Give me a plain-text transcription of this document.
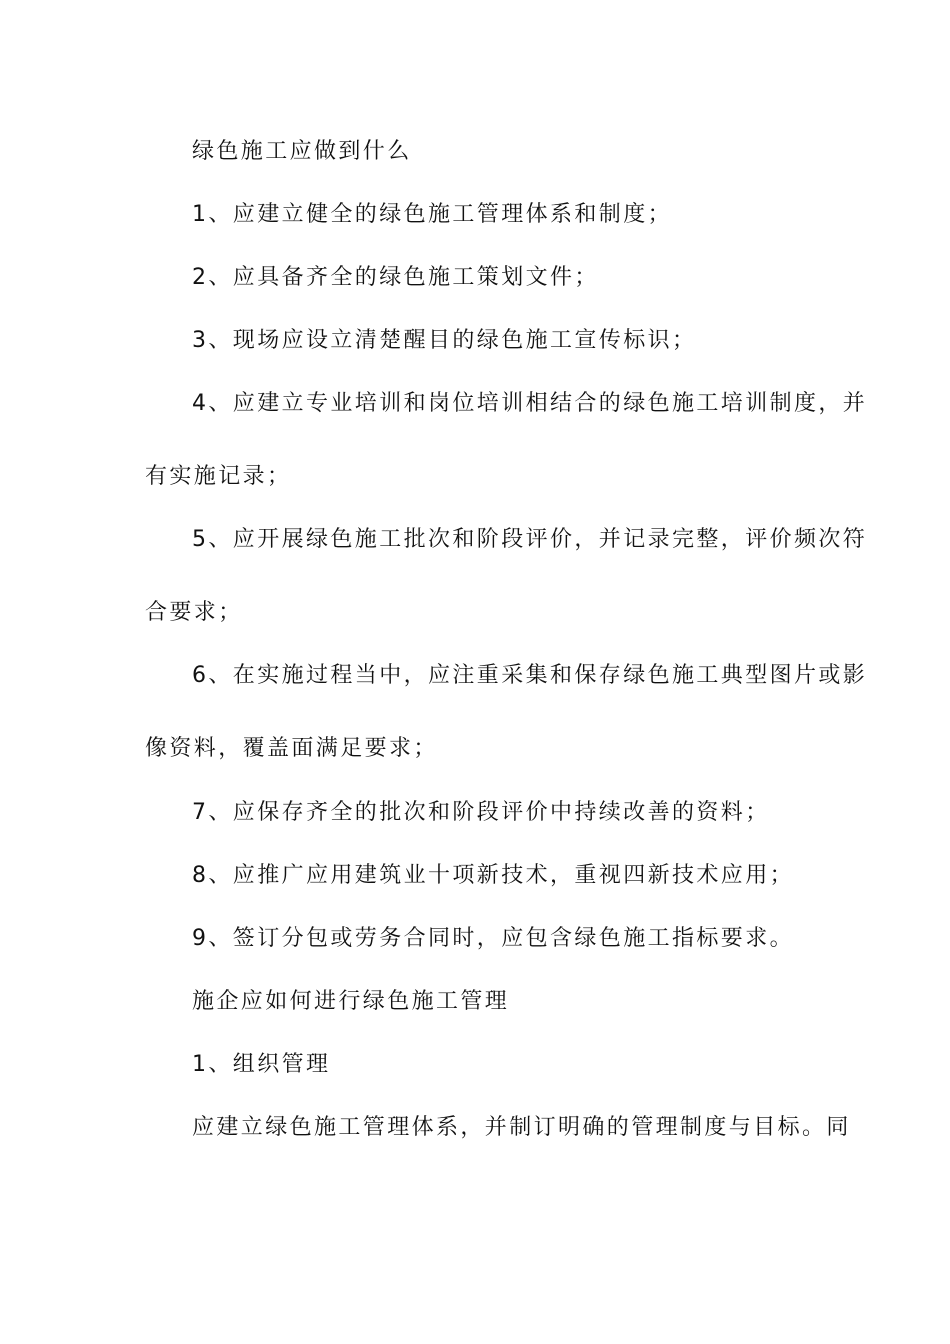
绿色施工应做到什么
1、应建立健全的绿色施工管理体系和制度；
2、应具备齐全的绿色施工策划文件；
3、现场应设立清楚醒目的绿色施工宣传标识；
4、应建立专业培训和岗位培训相结合的绿色施工培训制度，并
有实施记录；
5、应开展绿色施工批次和阶段评价，并记录完整，评价频次符
合要求；
6、在实施过程当中，应注重采集和保存绿色施工典型图片或影
像资料，覆盖面满足要求；
7、应保存齐全的批次和阶段评价中持续改善的资料；
8、应推广应用建筑业十项新技术，重视四新技术应用；
9、签订分包或劳务合同时，应包含绿色施工指标要求。
施企应如何进行绿色施工管理
1、组织管理
应建立绿色施工管理体系，并制订明确的管理制度与目标。同
